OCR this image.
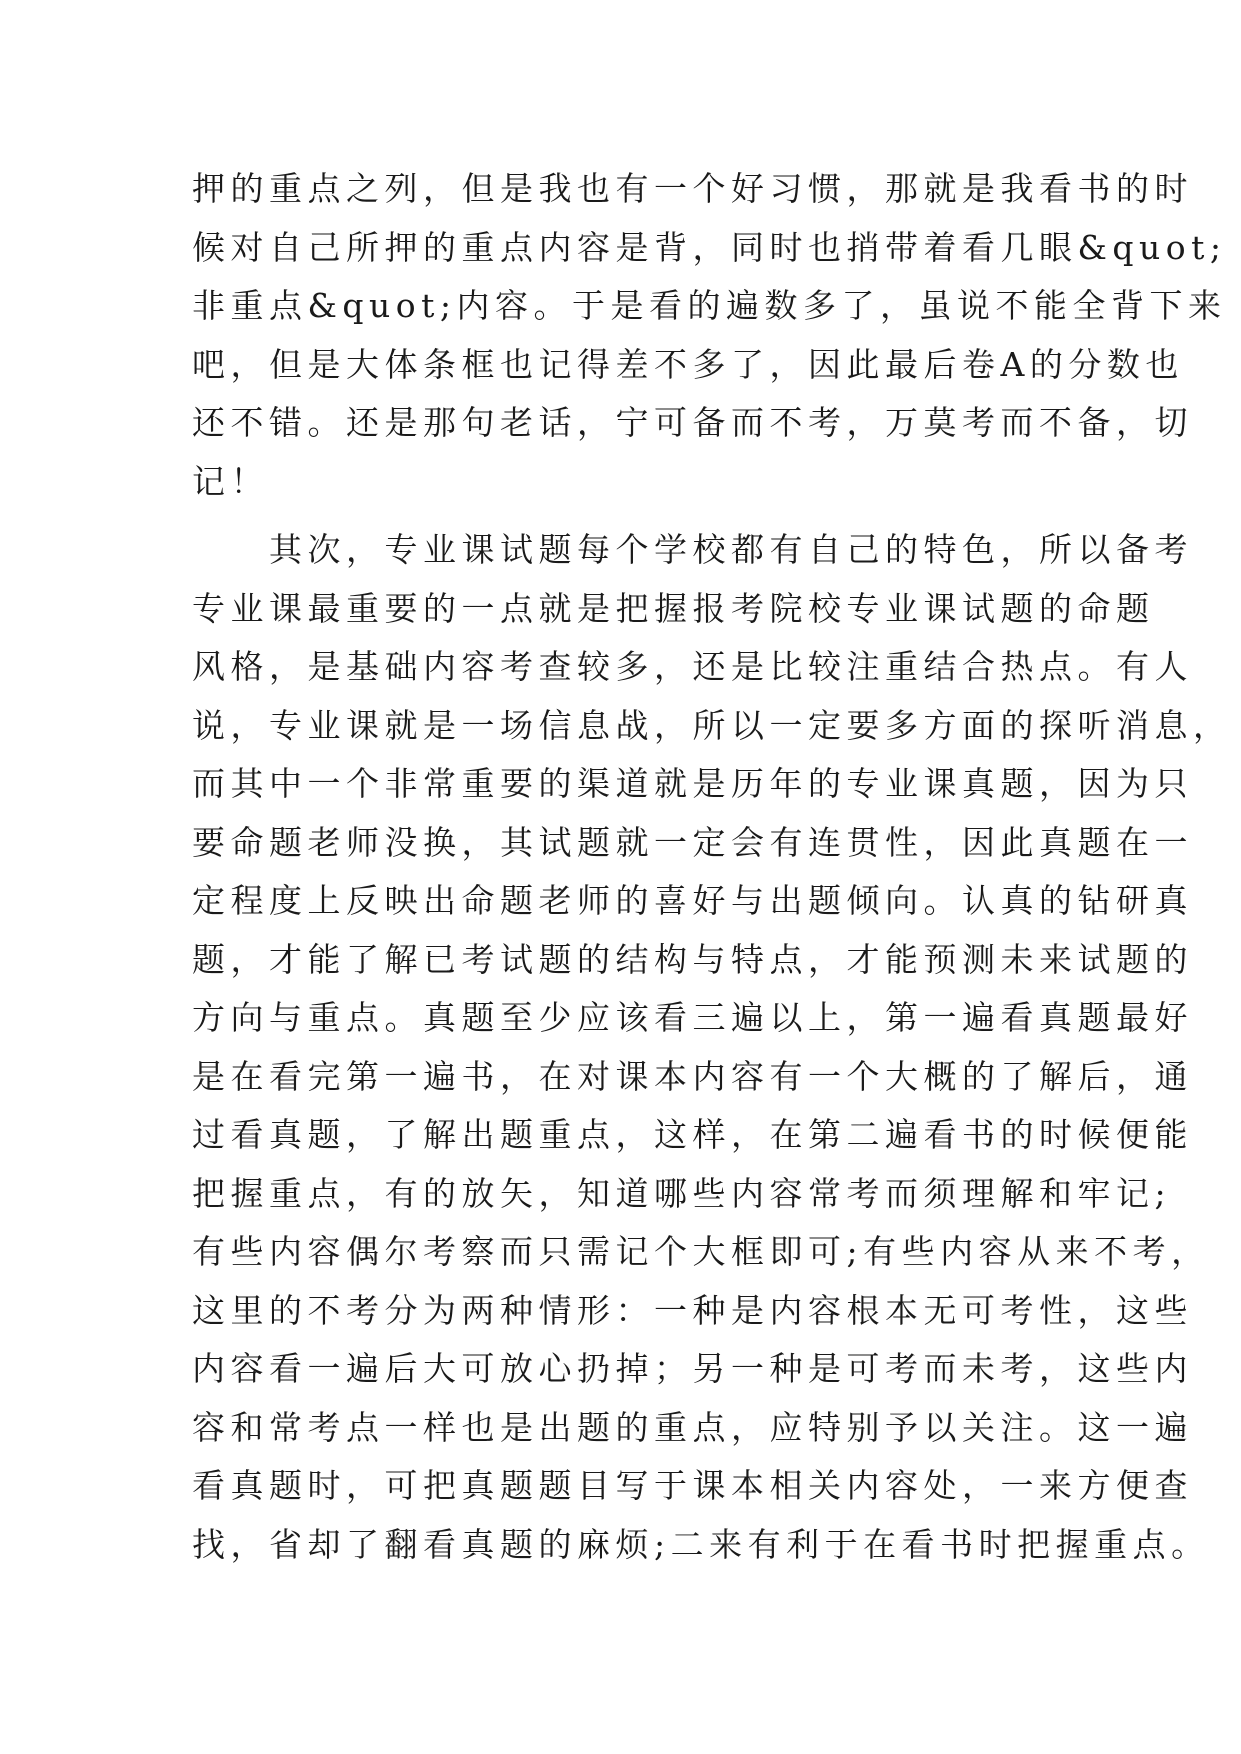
押的重点之列，但是我也有一个好习惯，那就是我看书的时
候对自己所押的重点内容是背，同时也捎带着看几眼&quot;
非重点&quot;内容。于是看的遍数多了，虽说不能全背下来
吧，但是大体条框也记得差不多了，因此最后卷A的分数也
还不错。还是那句老话，宁可备而不考，万莫考而不备，切
记！
　　其次，专业课试题每个学校都有自己的特色，所以备考
专业课最重要的一点就是把握报考院校专业课试题的命题
风格，是基础内容考查较多，还是比较注重结合热点。有人
说，专业课就是一场信息战，所以一定要多方面的探听消息，
而其中一个非常重要的渠道就是历年的专业课真题，因为只
要命题老师没换，其试题就一定会有连贯性，因此真题在一
定程度上反映出命题老师的喜好与出题倾向。认真的钻研真
题，才能了解已考试题的结构与特点，才能预测未来试题的
方向与重点。真题至少应该看三遍以上，第一遍看真题最好
是在看完第一遍书，在对课本内容有一个大概的了解后，通
过看真题，了解出题重点，这样，在第二遍看书的时候便能
把握重点，有的放矢，知道哪些内容常考而须理解和牢记;
有些内容偶尔考察而只需记个大框即可;有些内容从来不考，
这里的不考分为两种情形：一种是内容根本无可考性，这些
内容看一遍后大可放心扔掉；另一种是可考而未考，这些内
容和常考点一样也是出题的重点，应特别予以关注。这一遍
看真题时，可把真题题目写于课本相关内容处，一来方便查
找，省却了翻看真题的麻烦;二来有利于在看书时把握重点。
